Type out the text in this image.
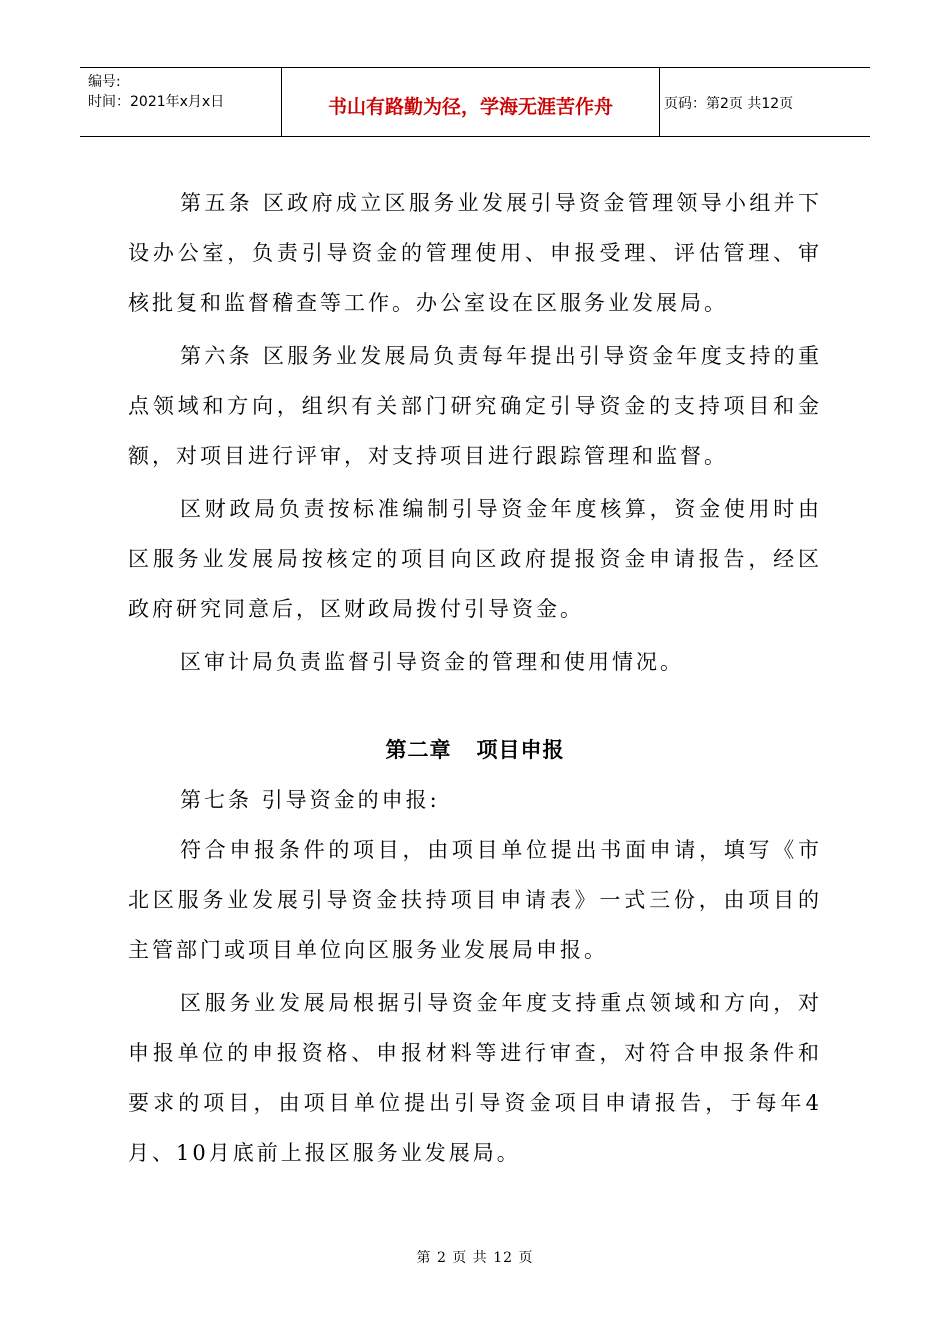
编号:
时间：2021年x月x日	书山有路勤为径，学海无涯苦作舟	页码：第2页 共12页

第五条 区政府成立区服务业发展引导资金管理领导小组并下设办公室，负责引导资金的管理使用、申报受理、评估管理、审核批复和监督稽查等工作。办公室设在区服务业发展局。

第六条 区服务业发展局负责每年提出引导资金年度支持的重点领域和方向，组织有关部门研究确定引导资金的支持项目和金额，对项目进行评审，对支持项目进行跟踪管理和监督。

区财政局负责按标准编制引导资金年度核算，资金使用时由区服务业发展局按核定的项目向区政府提报资金申请报告，经区政府研究同意后，区财政局拨付引导资金。

区审计局负责监督引导资金的管理和使用情况。

第二章   项目申报

第七条 引导资金的申报:

符合申报条件的项目，由项目单位提出书面申请，填写《市北区服务业发展引导资金扶持项目申请表》一式三份，由项目的主管部门或项目单位向区服务业发展局申报。

区服务业发展局根据引导资金年度支持重点领域和方向，对申报单位的申报资格、申报材料等进行审查，对符合申报条件和要求的项目，由项目单位提出引导资金项目申请报告，于每年4月、10月底前上报区服务业发展局。

第 2 页 共 12 页
